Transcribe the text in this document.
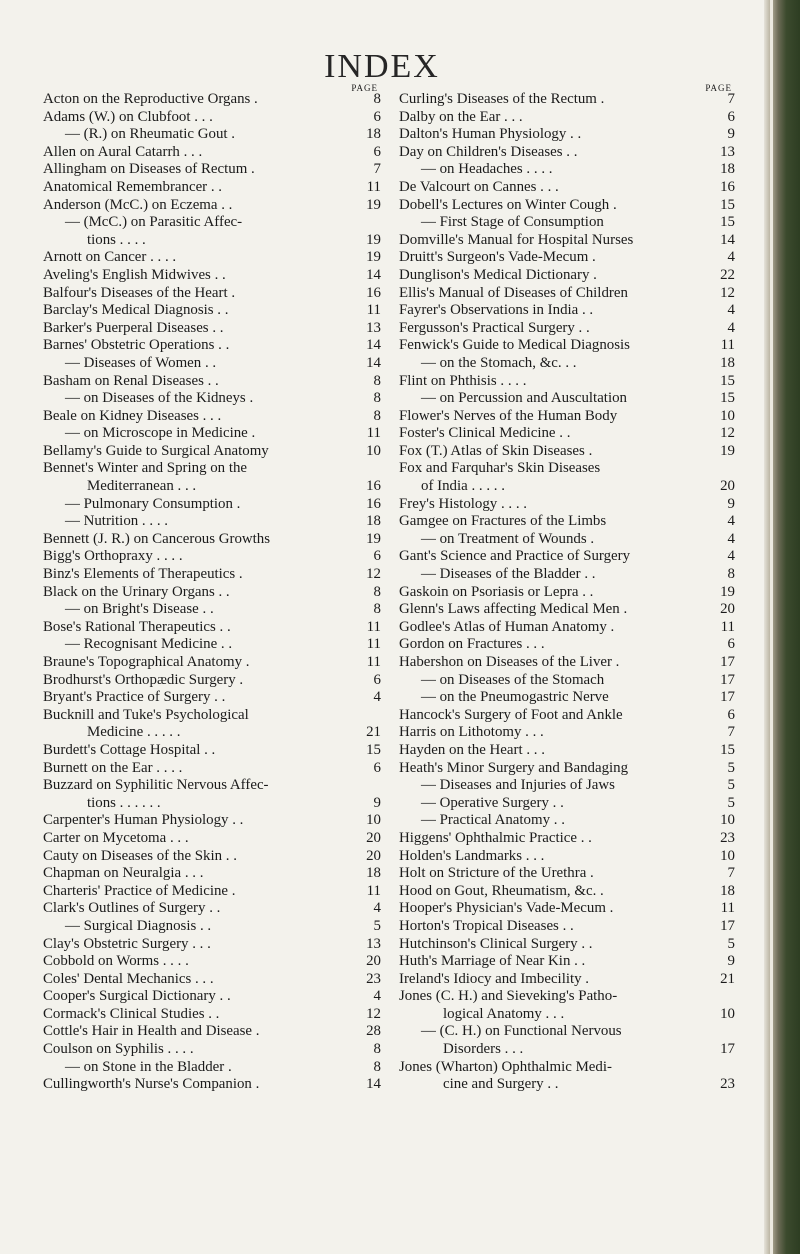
INDEX
PAGE
Acton on the Reproductive Organs .	8
Adams (W.) on Clubfoot . . .	6
— (R.) on Rheumatic Gout .	18
Allen on Aural Catarrh . . .	6
Allingham on Diseases of Rectum .	7
Anatomical Remembrancer . .	11
Anderson (McC.) on Eczema . .	19
— (McC.) on Parasitic Affec-
tions . . . .	19
Arnott on Cancer . . . .	19
Aveling's English Midwives . .	14
Balfour's Diseases of the Heart .	16
Barclay's Medical Diagnosis . .	11
Barker's Puerperal Diseases . .	13
Barnes' Obstetric Operations . .	14
— Diseases of Women . .	14
Basham on Renal Diseases . .	8
— on Diseases of the Kidneys .	8
Beale on Kidney Diseases . . .	8
— on Microscope in Medicine .	11
Bellamy's Guide to Surgical Anatomy	10
Bennet's Winter and Spring on the
Mediterranean . . .	16
— Pulmonary Consumption .	16
— Nutrition . . . .	18
Bennett (J. R.) on Cancerous Growths	19
Bigg's Orthopraxy . . . .	6
Binz's Elements of Therapeutics .	12
Black on the Urinary Organs . .	8
— on Bright's Disease . .	8
Bose's Rational Therapeutics . .	11
— Recognisant Medicine . .	11
Braune's Topographical Anatomy .	11
Brodhurst's Orthopædic Surgery .	6
Bryant's Practice of Surgery . .	4
Bucknill and Tuke's Psychological
Medicine . . . . .	21
Burdett's Cottage Hospital . .	15
Burnett on the Ear . . . .	6
Buzzard on Syphilitic Nervous Affec-
tions . . . . . .	9
Carpenter's Human Physiology . .	10
Carter on Mycetoma . . .	20
Cauty on Diseases of the Skin . .	20
Chapman on Neuralgia . . .	18
Charteris' Practice of Medicine .	11
Clark's Outlines of Surgery . .	4
— Surgical Diagnosis . .	5
Clay's Obstetric Surgery . . .	13
Cobbold on Worms . . . .	20
Coles' Dental Mechanics . . .	23
Cooper's Surgical Dictionary . .	4
Cormack's Clinical Studies . .	12
Cottle's Hair in Health and Disease .	28
Coulson on Syphilis . . . .	8
— on Stone in the Bladder .	8
Cullingworth's Nurse's Companion .	14
PAGE
Curling's Diseases of the Rectum .	7
Dalby on the Ear . . .	6
Dalton's Human Physiology . .	9
Day on Children's Diseases . .	13
— on Headaches . . . .	18
De Valcourt on Cannes . . .	16
Dobell's Lectures on Winter Cough .	15
— First Stage of Consumption	15
Domville's Manual for Hospital Nurses	14
Druitt's Surgeon's Vade-Mecum .	4
Dunglison's Medical Dictionary .	22
Ellis's Manual of Diseases of Children	12
Fayrer's Observations in India . .	4
Fergusson's Practical Surgery . .	4
Fenwick's Guide to Medical Diagnosis	11
— on the Stomach, &c. . .	18
Flint on Phthisis . . . .	15
— on Percussion and Auscultation	15
Flower's Nerves of the Human Body	10
Foster's Clinical Medicine . .	12
Fox (T.) Atlas of Skin Diseases .	19
Fox and Farquhar's Skin Diseases
of India . . . . .	20
Frey's Histology . . . .	9
Gamgee on Fractures of the Limbs	4
— on Treatment of Wounds .	4
Gant's Science and Practice of Surgery	4
— Diseases of the Bladder . .	8
Gaskoin on Psoriasis or Lepra . .	19
Glenn's Laws affecting Medical Men .	20
Godlee's Atlas of Human Anatomy .	11
Gordon on Fractures . . .	6
Habershon on Diseases of the Liver .	17
— on Diseases of the Stomach	17
— on the Pneumogastric Nerve	17
Hancock's Surgery of Foot and Ankle	6
Harris on Lithotomy . . .	7
Hayden on the Heart . . .	15
Heath's Minor Surgery and Bandaging	5
— Diseases and Injuries of Jaws	5
— Operative Surgery . .	5
— Practical Anatomy . .	10
Higgens' Ophthalmic Practice . .	23
Holden's Landmarks . . .	10
Holt on Stricture of the Urethra .	7
Hood on Gout, Rheumatism, &c. .	18
Hooper's Physician's Vade-Mecum .	11
Horton's Tropical Diseases . .	17
Hutchinson's Clinical Surgery . .	5
Huth's Marriage of Near Kin . .	9
Ireland's Idiocy and Imbecility .	21
Jones (C. H.) and Sieveking's Patho-
logical Anatomy . . .	10
— (C. H.) on Functional Nervous
Disorders . . .	17
Jones (Wharton) Ophthalmic Medi-
cine and Surgery . .	23
